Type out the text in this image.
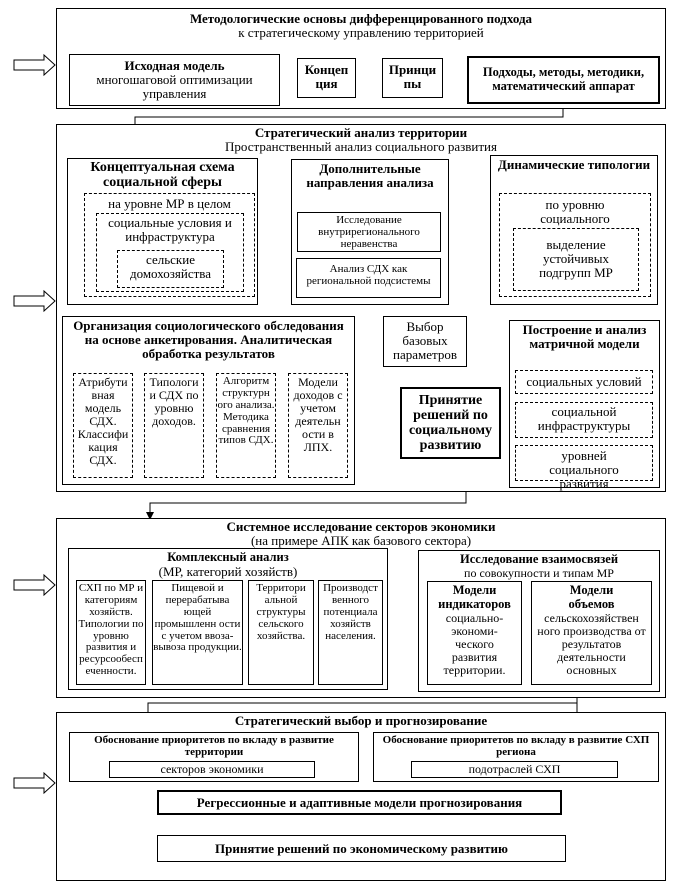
Методологические основы дифференцированного подхода
к стратегическому управлению территорией
Исходная модель
многошаговой оптимизации управления
Концеп ция
Принци пы
Подходы, методы, методики, математический аппарат
Стратегический анализ территории
Пространственный анализ социального развития
Концептуальная схема социальной сферы
на уровне МР в целом
социальные условия и инфраструктура
сельские домохозяйства
Дополнительные направления анализа
Исследование внутрирегионального неравенства
Анализ СДХ как региональной подсистемы
Динамические типологии
по уровню социального
выделение устойчивых подгрупп МР
Организация социологического обследования на основе анкетирования. Аналитическая обработка результатов
Атрибути вная модель СДХ. Классифи кация СДХ.
Типологи и СДХ по уровню доходов.
Алгоритм структурн ого анализа. Методика сравнения типов СДХ.
Модели доходов с учетом деятельн ости в ЛПХ.
Выбор базовых параметров
Построение и анализ матричной модели
социальных условий
социальной инфраструктуры
уровней социального развития
Принятие решений по социальному развитию
Системное исследование секторов экономики
(на примере АПК как базового сектора)
Комплексный анализ
(МР, категорий хозяйств)
СХП по МР и категориям хозяйств. Типологии по уровню развития и ресурсообесп еченности.
Пищевой и перерабатыва ющей промышленн ости с учетом ввоза-вывоза продукции.
Территори альной структуры сельского хозяйства.
Производст венного потенциала хозяйств населения.
Исследование взаимосвязей
по совокупности и типам МР
Модели индикаторов
социально- экономи- ческого развития территории.
Модели объемов
сельскохозяйствен ного производства от результатов деятельности основных
Стратегический выбор и прогнозирование
Обоснование приоритетов по вкладу в развитие территории
секторов экономики
Обоснование приоритетов по вкладу в развитие СХП региона
подотраслей СХП
Регрессионные и адаптивные модели прогнозирования
Принятие решений по экономическому развитию
